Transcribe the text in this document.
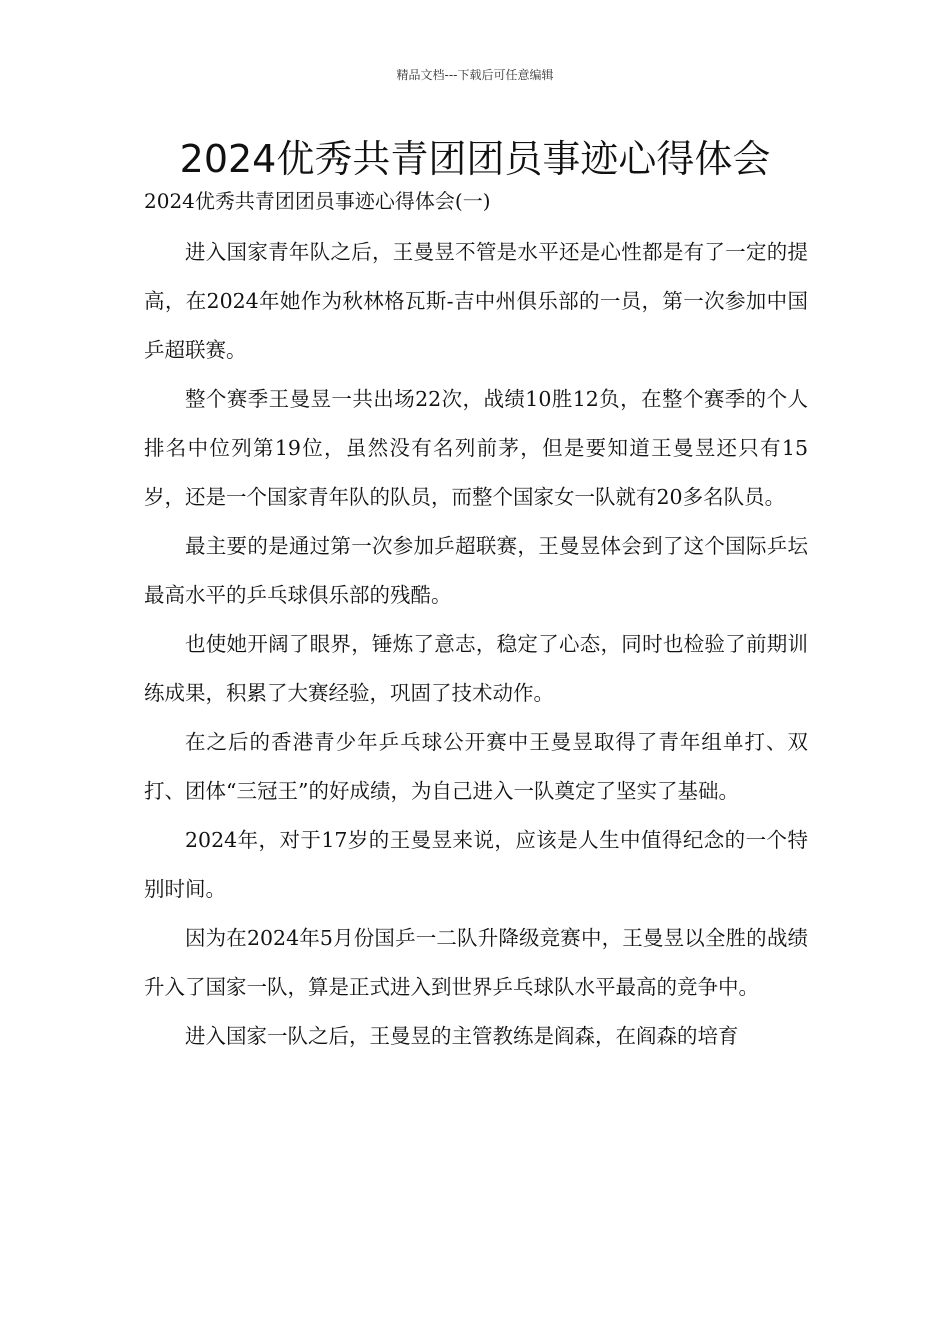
精品文档---下载后可任意编辑
2024优秀共青团团员事迹心得体会

2024优秀共青团团员事迹心得体会(一)

进入国家青年队之后，王曼昱不管是水平还是心性都是有了一定的提高，在2024年她作为秋林格瓦斯-吉中州俱乐部的一员，第一次参加中国乒超联赛。

整个赛季王曼昱一共出场22次，战绩10胜12负，在整个赛季的个人排名中位列第19位，虽然没有名列前茅，但是要知道王曼昱还只有15岁，还是一个国家青年队的队员，而整个国家女一队就有20多名队员。

最主要的是通过第一次参加乒超联赛，王曼昱体会到了这个国际乒坛最高水平的乒乓球俱乐部的残酷。

也使她开阔了眼界，锤炼了意志，稳定了心态，同时也检验了前期训练成果，积累了大赛经验，巩固了技术动作。

在之后的香港青少年乒乓球公开赛中王曼昱取得了青年组单打、双打、团体“三冠王”的好成绩，为自己进入一队奠定了坚实了基础。

2024年，对于17岁的王曼昱来说，应该是人生中值得纪念的一个特别时间。

因为在2024年5月份国乒一二队升降级竞赛中，王曼昱以全胜的战绩升入了国家一队，算是正式进入到世界乒乓球队水平最高的竞争中。

进入国家一队之后，王曼昱的主管教练是阎森，在阎森的培育
